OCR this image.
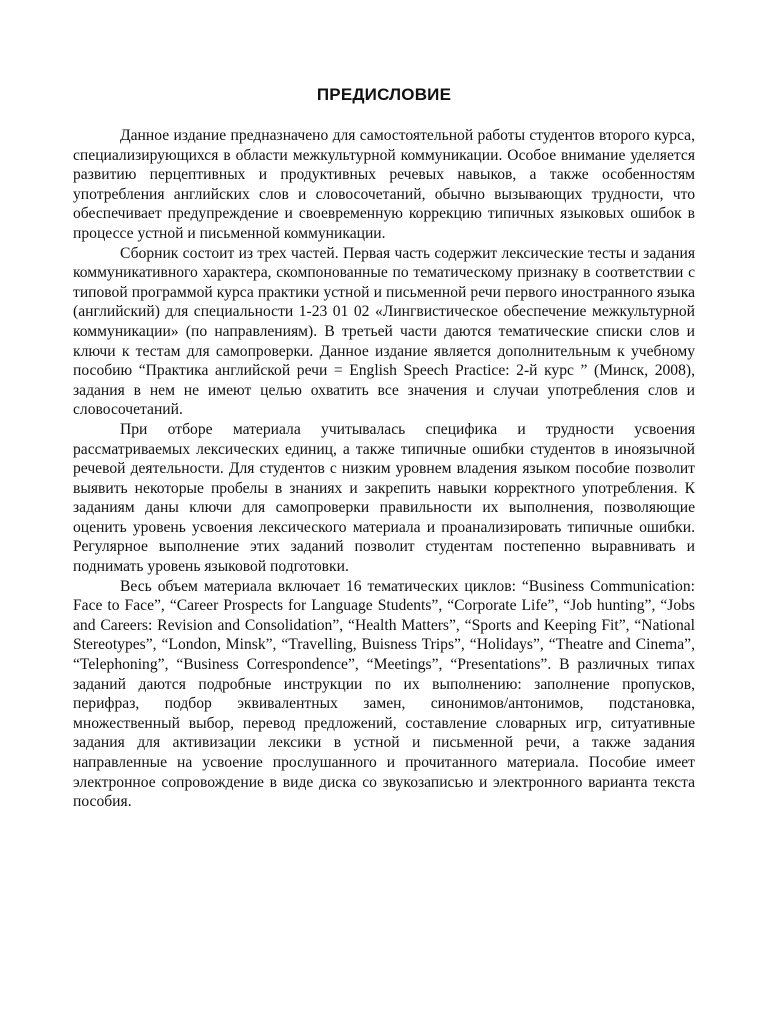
ПРЕДИСЛОВИЕ

Данное издание предназначено для самостоятельной работы студентов второго курса, специализирующихся в области межкультурной коммуникации. Особое внимание уделяется развитию перцептивных и продуктивных речевых навыков, а также особенностям употребления английских слов и словосочетаний, обычно вызывающих трудности, что обеспечивает предупреждение и своевременную коррекцию типичных языковых ошибок в процессе устной и письменной коммуникации.

Сборник состоит из трех частей. Первая часть содержит лексические тесты и задания коммуникативного характера, скомпонованные по тематическому признаку в соответствии с типовой программой курса практики устной и письменной речи первого иностранного языка (английский) для специальности 1-23 01 02 «Лингвистическое обеспечение межкультурной коммуникации» (по направлениям). В третьей части даются тематические списки слов и ключи к тестам для самопроверки. Данное издание является дополнительным к учебному пособию “Практика английской речи = English Speech Practice: 2-й курс ” (Минск, 2008), задания в нем не имеют целью охватить все значения и случаи употребления слов и словосочетаний.

При отборе материала учитывалась специфика и трудности усвоения рассматриваемых лексических единиц, а также типичные ошибки студентов в иноязычной речевой деятельности. Для студентов с низким уровнем владения языком пособие позволит выявить некоторые пробелы в знаниях и закрепить навыки корректного употребления. К заданиям даны ключи для самопроверки правильности их выполнения, позволяющие оценить уровень усвоения лексического материала и проанализировать типичные ошибки. Регулярное выполнение этих заданий позволит студентам постепенно выравнивать и поднимать уровень языковой подготовки.

Весь объем материала включает 16 тематических циклов: “Business Communication: Face to Face”, “Career Prospects for Language Students”, “Corporate Life”, “Job hunting”, “Jobs and Careers: Revision and Consolidation”, “Health Matters”, “Sports and Keeping Fit”, “National Stereotypes”, “London, Minsk”, “Travelling, Buisness Trips”, “Holidays”, “Theatre and Cinema”, “Telephoning”, “Business Correspondence”, “Meetings”, “Presentations”. В различных типах заданий даются подробные инструкции по их выполнению: заполнение пропусков, перифраз, подбор эквивалентных замен, синонимов/антонимов, подстановка, множественный выбор, перевод предложений, составление словарных игр, ситуативные задания для активизации лексики в устной и письменной речи, а также задания направленные на усвоение прослушанного и прочитанного материала. Пособие имеет электронное сопровождение в виде диска со звукозаписью и электронного варианта текста пособия.
